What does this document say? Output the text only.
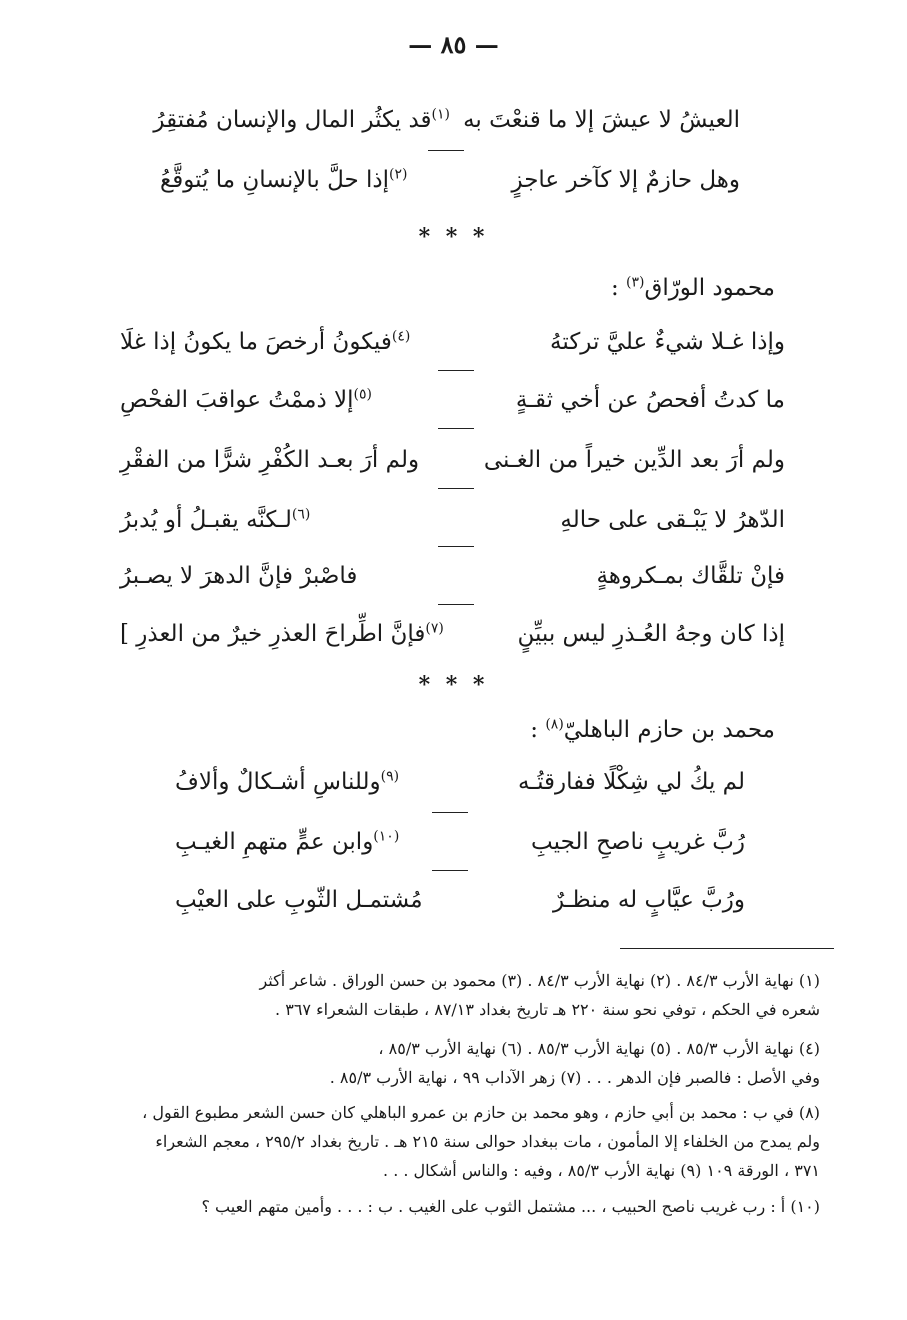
— ٨٥ —
العيشُ لا عيشَ إلا ما قنعْتَ به
$^{(١)}$قد يكثُر المال والإنسان مُفتقِرُ
وهل حازمٌ إلا كآخر عاجزٍ
$^{(٢)}$إذا حلَّ بالإنسانِ ما يُتوقَّعُ
* * *
محمود الورّاق$^{(٣)}$ :
وإذا غـلا شيءٌ عليَّ تركتهُ
$^{(٤)}$فيكونُ أرخصَ ما يكونُ إذا غلَا
ما كدتُ أفحصُ عن أخي ثقـةٍ
$^{(٥)}$إلا ذممْتُ عواقبَ الفحْصِ
ولم أرَ بعد الدِّين خيراً من الغـنى
ولم أرَ بعـد الكُفْرِ شرًّا من الفقْرِ
الدّهرُ لا يَبْـقى على حالهِ
$^{(٦)}$لـكنَّه يقبـلُ أو يُدبرُ
فإنْ تلقَّاك بمـكروهةٍ
فاصْبرْ فإنَّ الدهرَ لا يصـبرُ
إذا كان وجهُ العُـذرِ ليس ببيِّنٍ
$^{(٧)}$فإنَّ اطِّراحَ العذرِ خيرٌ من العذرِ ]
* * *
محمد بن حازم الباهليّ$^{(٨)}$ :
لم يكُ لي شِكْلًا ففارقتُـه
$^{(٩)}$وللناسِ أشـكالٌ وألافُ
رُبَّ غريبٍ ناصحِ الجيبِ
$^{(١٠)}$وابن عمٍّ متهمِ الغيـبِ
ورُبَّ عيَّابٍ له منظـرٌ
مُشتمـل الثّوبِ على العيْبِ
(١) نهاية الأرب ٨٤/٣ . (٢) نهاية الأرب ٨٤/٣ . (٣) محمود بن حسن الوراق . شاعر أكثر
شعره في الحكم ، توفي نحو سنة ٢٢٠ هـ تاريخ بغداد ٨٧/١٣ ، طبقات الشعراء ٣٦٧ .
(٤) نهاية الأرب ٨٥/٣ . (٥) نهاية الأرب ٨٥/٣ . (٦) نهاية الأرب ٨٥/٣ ،
وفي الأصل : فالصبر فإن الدهر . . . (٧) زهر الآداب ٩٩ ، نهاية الأرب ٨٥/٣ .
(٨) في ب : محمد بن أبي حازم ، وهو محمد بن حازم بن عمرو الباهلي كان حسن الشعر مطبوع القول ،
ولم يمدح من الخلفاء إلا المأمون ، مات ببغداد حوالى سنة ٢١٥ هـ . تاريخ بغداد ٢٩٥/٢ ، معجم الشعراء
٣٧١ ، الورقة ١٠٩ (٩) نهاية الأرب ٨٥/٣ ، وفيه : والناس أشكال . . .
(١٠) أ : رب غريب ناصح الحبيب ، ... مشتمل الثوب على الغيب . ب : . . . وأمين متهم العيب ؟
